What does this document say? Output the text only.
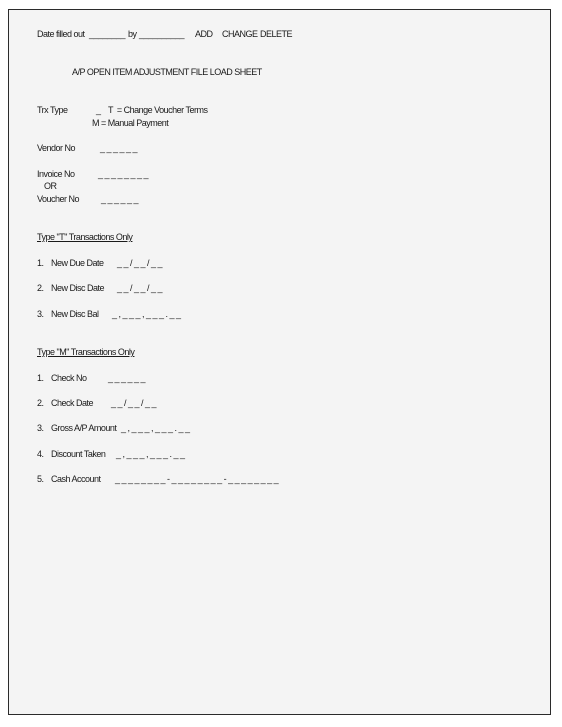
Date filled out ________ by __________ ADD CHANGE DELETE
A/P OPEN ITEM ADJUSTMENT FILE LOAD SHEET
Trx Type	_ T  = Change Voucher Terms
M = Manual Payment
Vendor No	_ _ _ _ _ _
Invoice No	_ _ _ _ _ _ _ _
OR
Voucher No _ _ _ _ _ _
Type "T" Transactions Only
1. New Due Date _ _ / _ _ / _ _
2. New Disc Date _ _ / _ _ / _ _
3. New Disc Bal _ , _ _ _ , _ _ _ . _ _
Type "M" Transactions Only
1. Check No _ _ _ _ _ _
2. Check Date _ _ / _ _ / _ _
3. Gross A/P Amount _ , _ _ _ , _ _ _ . _ _
4. Discount Taken _ , _ _ _ , _ _ _ . _ _
5. Cash Account _ _ _ _ _ _ _ _ - _ _ _ _ _ _ _ _ - _ _ _ _ _ _ _ _
